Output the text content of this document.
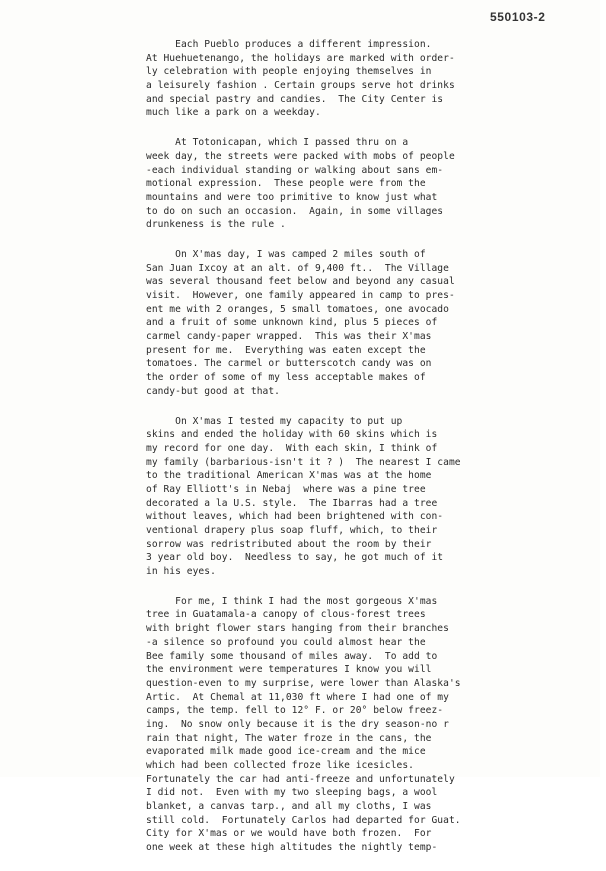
550103-2
Each Pueblo produces a different impression.
At Huehuetenango, the holidays are marked with order-
ly celebration with people enjoying themselves in
a leisurely fashion . Certain groups serve hot drinks
and special pastry and candies.  The City Center is
much like a park on a weekday.
At Totonicapan, which I passed thru on a
week day, the streets were packed with mobs of people
-each individual standing or walking about sans em-
motional expression.  These people were from the
mountains and were too primitive to know just what
to do on such an occasion.  Again, in some villages
drunkeness is the rule .
On X'mas day, I was camped 2 miles south of
San Juan Ixcoy at an alt. of 9,400 ft..  The Village
was several thousand feet below and beyond any casual
visit.  However, one family appeared in camp to pres-
ent me with 2 oranges, 5 small tomatoes, one avocado
and a fruit of some unknown kind, plus 5 pieces of
carmel candy-paper wrapped.  This was their X'mas
present for me.  Everything was eaten except the
tomatoes. The carmel or butterscotch candy was on
the order of some of my less acceptable makes of
candy-but good at that.
On X'mas I tested my capacity to put up
skins and ended the holiday with 60 skins which is
my record for one day.  With each skin, I think of
my family (barbarious-isn't it ? )  The nearest I came
to the traditional American X'mas was at the home
of Ray Elliott's in Nebaj  where was a pine tree
decorated a la U.S. style.  The Ibarras had a tree
without leaves, which had been brightened with con-
ventional drapery plus soap fluff, which, to their
sorrow was redristributed about the room by their
3 year old boy.  Needless to say, he got much of it
in his eyes.
For me, I think I had the most gorgeous X'mas
tree in Guatamala-a canopy of clous-forest trees
with bright flower stars hanging from their branches
-a silence so profound you could almost hear the
Bee family some thousand of miles away.  To add to
the environment were temperatures I know you will
question-even to my surprise, were lower than Alaska's
Artic.  At Chemal at 11,030 ft where I had one of my
camps, the temp. fell to 12° F. or 20° below freez-
ing.  No snow only because it is the dry season-no r
rain that night, The water froze in the cans, the
evaporated milk made good ice-cream and the mice
which had been collected froze like icesicles.
Fortunately the car had anti-freeze and unfortunately
I did not.  Even with my two sleeping bags, a wool
blanket, a canvas tarp., and all my cloths, I was
still cold.  Fortunately Carlos had departed for Guat.
City for X'mas or we would have both frozen.  For
one week at these high altitudes the nightly temp-
